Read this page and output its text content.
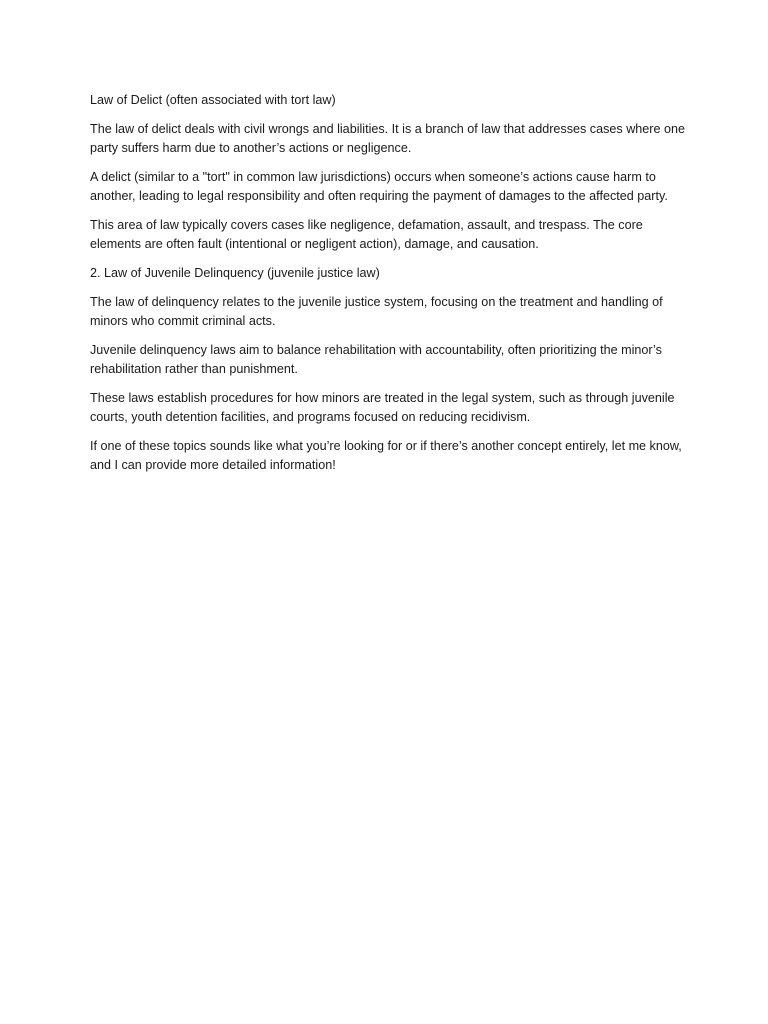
Law of Delict (often associated with tort law)

The law of delict deals with civil wrongs and liabilities. It is a branch of law that addresses cases where one party suffers harm due to another’s actions or negligence.

A delict (similar to a "tort" in common law jurisdictions) occurs when someone’s actions cause harm to another, leading to legal responsibility and often requiring the payment of damages to the affected party.

This area of law typically covers cases like negligence, defamation, assault, and trespass. The core elements are often fault (intentional or negligent action), damage, and causation.

2. Law of Juvenile Delinquency (juvenile justice law)

The law of delinquency relates to the juvenile justice system, focusing on the treatment and handling of minors who commit criminal acts.

Juvenile delinquency laws aim to balance rehabilitation with accountability, often prioritizing the minor’s rehabilitation rather than punishment.

These laws establish procedures for how minors are treated in the legal system, such as through juvenile courts, youth detention facilities, and programs focused on reducing recidivism.

If one of these topics sounds like what you’re looking for or if there’s another concept entirely, let me know, and I can provide more detailed information!
